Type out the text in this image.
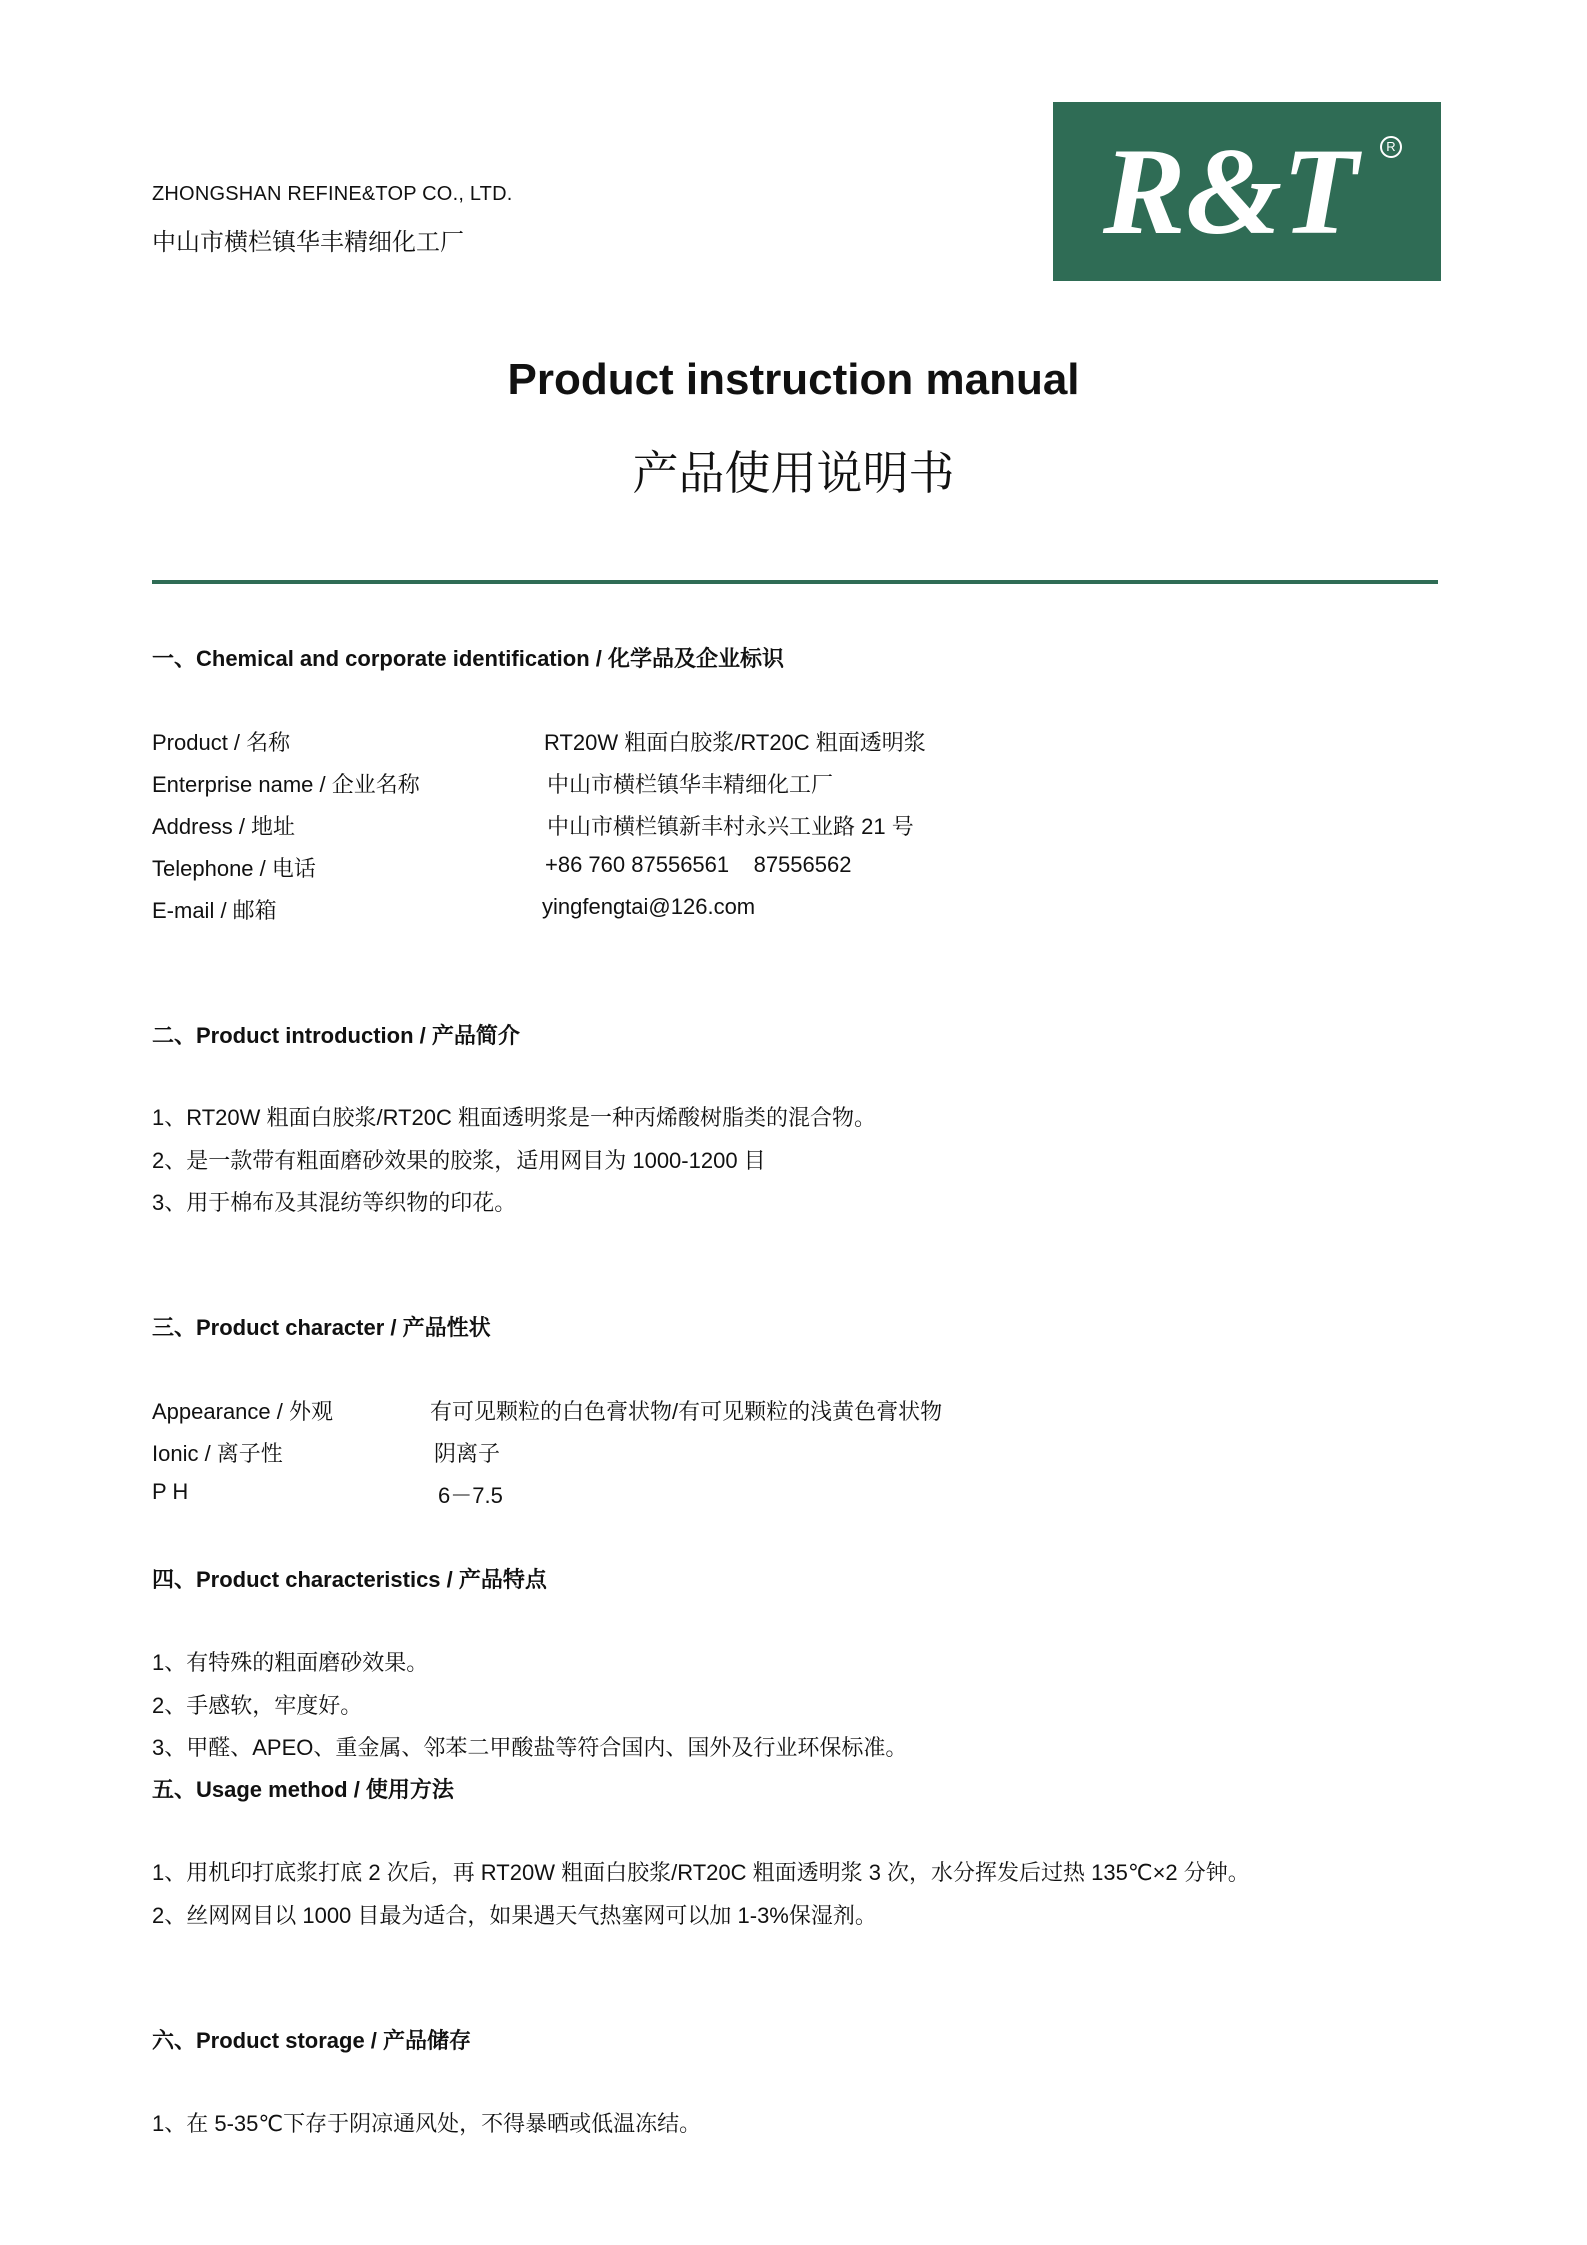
ZHONGSHAN REFINE&TOP CO., LTD.
中山市横栏镇华丰精细化工厂	R&T	R
Product instruction manual
产品使用说明书
一、Chemical and corporate identification / 化学品及企业标识
Product / 名称	RT20W 粗面白胶浆/RT20C 粗面透明浆
Enterprise name / 企业名称	中山市横栏镇华丰精细化工厂
Address / 地址	中山市横栏镇新丰村永兴工业路 21 号
Telephone / 电话	+86 760 87556561    87556562
E-mail / 邮箱	yingfengtai@126.com
二、Product introduction / 产品简介
1、RT20W 粗面白胶浆/RT20C 粗面透明浆是一种丙烯酸树脂类的混合物。
2、是一款带有粗面磨砂效果的胶浆，适用网目为 1000-1200 目
3、用于棉布及其混纺等织物的印花。
三、Product character / 产品性状
Appearance / 外观	有可见颗粒的白色膏状物/有可见颗粒的浅黄色膏状物
Ionic / 离子性	阴离子
P H	6－7.5
四、Product characteristics / 产品特点
1、有特殊的粗面磨砂效果。
2、手感软，牢度好。
3、甲醛、APEO、重金属、邻苯二甲酸盐等符合国内、国外及行业环保标准。
五、Usage method / 使用方法
1、用机印打底浆打底 2 次后，再 RT20W 粗面白胶浆/RT20C 粗面透明浆 3 次，水分挥发后过热 135℃×2 分钟。
2、丝网网目以 1000 目最为适合，如果遇天气热塞网可以加 1-3%保湿剂。
六、Product storage / 产品储存
1、在 5-35℃下存于阴凉通风处，不得暴晒或低温冻结。
